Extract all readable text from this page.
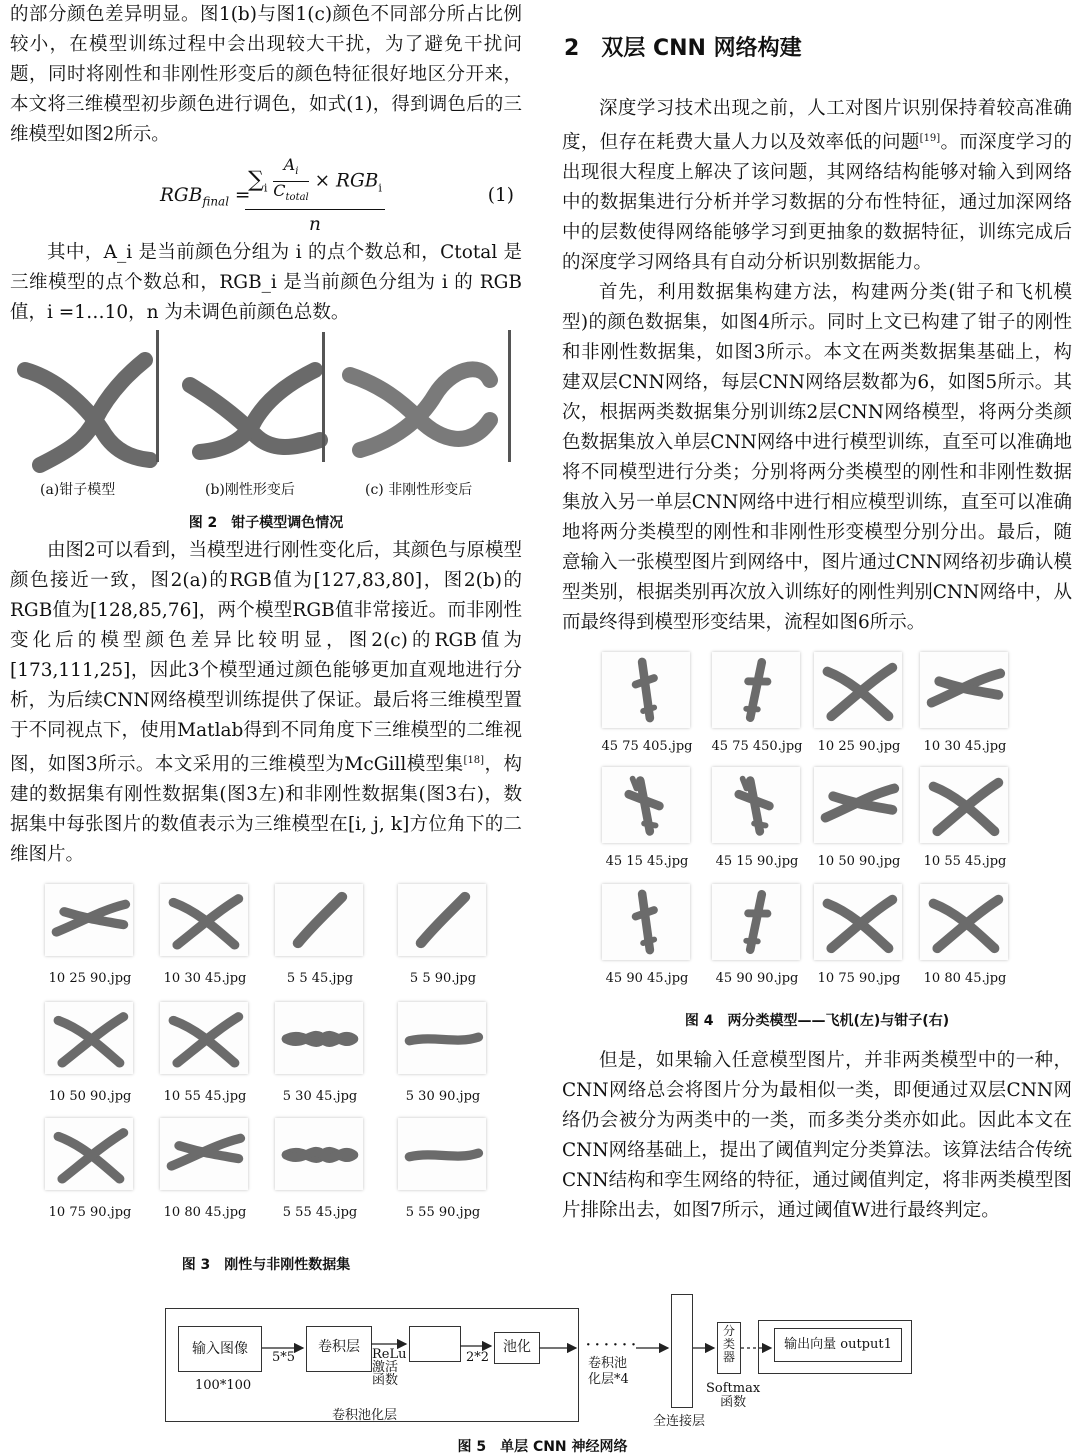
的部分颜色差异明显。图1(b)与图1(c)颜色不同部分所占比例较小，在模型训练过程中会出现较大干扰，为了避免干扰问题，同时将刚性和非刚性形变后的颜色特征很好地区分开来，本文将三维模型初步颜色进行调色，如式(1)，得到调色后的三维模型如图2所示。

$RGB_{final}$ =
$\sum_i$
$A_i$
$C_{total}$
× $RGB_i$
n
(1)

其中，A_i 是当前颜色分组为 i 的点个数总和，Ctotal 是三维模型的点个数总和，RGB_i 是当前颜色分组为 i 的 RGB 值，i =1…10，n 为未调色前颜色总数。

(a)钳子模型	(b)刚性形变后	(c) 非刚性形变后
图 2　钳子模型调色情况

由图2可以看到，当模型进行刚性变化后，其颜色与原模型颜色接近一致，图2(a)的RGB值为[127,83,80]，图2(b)的RGB值为[128,85,76]，两个模型RGB值非常接近。而非刚性变化后的模型颜色差异比较明显，图2(c)的RGB值为[173,111,25]，因此3个模型通过颜色能够更加直观地进行分析，为后续CNN网络模型训练提供了保证。最后将三维模型置于不同视点下，使用Matlab得到不同角度下三维模型的二维视图，如图3所示。本文采用的三维模型为McGill模型集[18]，构建的数据集有刚性数据集(图3左)和非刚性数据集(图3右)，数据集中每张图片的数值表示为三维模型在[i, j, k]方位角下的二维图片。

10 25 90.jpg	10 30 45.jpg	5 5 45.jpg	5 5 90.jpg
10 50 90.jpg	10 55 45.jpg	5 30 45.jpg	5 30 90.jpg
10 75 90.jpg	10 80 45.jpg	5 55 45.jpg	5 55 90.jpg
图 3　刚性与非刚性数据集
2 双层 CNN 网络构建

深度学习技术出现之前，人工对图片识别保持着较高准确度，但存在耗费大量人力以及效率低的问题[19]。而深度学习的出现很大程度上解决了该问题，其网络结构能够对输入到网络中的数据集进行分析并学习数据的分布性特征，通过加深网络中的层数使得网络能够学习到更抽象的数据特征，训练完成后的深度学习网络具有自动分析识别数据能力。

首先，利用数据集构建方法，构建两分类(钳子和飞机模型)的颜色数据集，如图4所示。同时上文已构建了钳子的刚性和非刚性数据集，如图3所示。本文在两类数据集基础上，构建双层CNN网络，每层CNN网络层数都为6，如图5所示。其次，根据两类数据集分别训练2层CNN网络模型，将两分类颜色数据集放入单层CNN网络中进行模型训练，直至可以准确地将不同模型进行分类；分别将两分类模型的刚性和非刚性数据集放入另一单层CNN网络中进行相应模型训练，直至可以准确地将两分类模型的刚性和非刚性形变模型分别分出。最后，随意输入一张模型图片到网络中，图片通过CNN网络初步确认模型类别，根据类别再次放入训练好的刚性判别CNN网络中，从而最终得到模型形变结果，流程如图6所示。

45 75 405.jpg	45 75 450.jpg	10 25 90.jpg	10 30 45.jpg
45 15 45.jpg	45 15 90.jpg	10 50 90.jpg	10 55 45.jpg
45 90 45.jpg	45 90 90.jpg	10 75 90.jpg	10 80 45.jpg
图 4　两分类模型——飞机(左)与钳子(右)

但是，如果输入任意模型图片，并非两类模型中的一种，CNN网络总会将图片分为最相似一类，即便通过双层CNN网络仍会被分为两类中的一类，而多类分类亦如此。因此本文在CNN网络基础上，提出了阈值判定分类算法。该算法结合传统CNN结构和孪生网络的特征，通过阈值判定，将非两类模型图片排除出去，如图7所示，通过阈值W进行最终判定。

输入图像
100*100
5*5
卷积层 ReLu
激活
函数
2*2
池化
卷积池化层
· · · · · ·
卷积池
化层*4
全连接层
分
类
器
Softmax
函数
输出向量 output1
图 5　单层 CNN 神经网络
